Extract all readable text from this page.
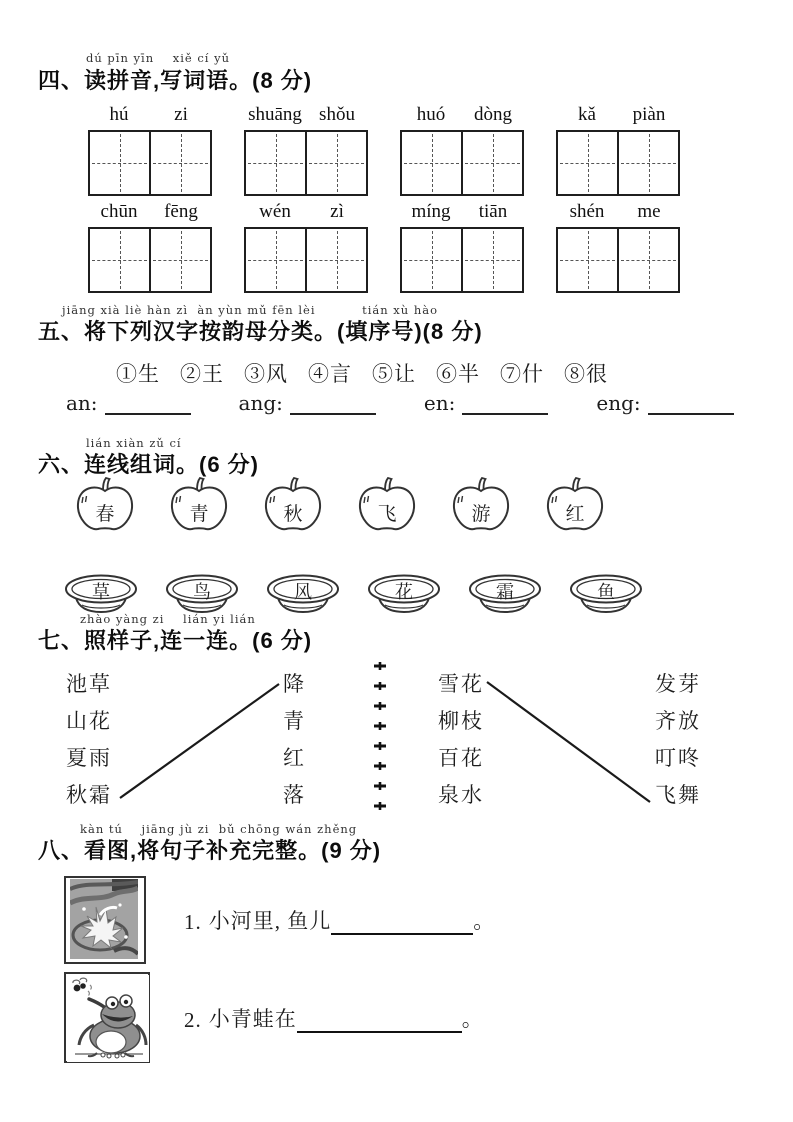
dú pīn yīn    xiě cí yǔ
四、读拼音,写词语。(8 分)
hú	zi	shuāng shǒu	huó	dòng	kǎ	piàn
chūn	fēng	wén	zì	míng	tiān	shén	me
jiāng xià liè hàn zì  àn yùn mǔ fēn lèi          tián xù hào
五、将下列汉字按韵母分类。(填序号)(8 分)
①生 ②王 ③风 ④言 ⑤让 ⑥半 ⑦什 ⑧很
an:	ang:	en:	eng:
lián xiàn zǔ cí
六、连线组词。(6 分)
春	青	秋	飞	游	红
草	鸟	风	花	霜	鱼
zhào yàng zi    lián yi lián
七、照样子,连一连。(6 分)
池草
山花
夏雨
秋霜
降
青
红
落
雪花
柳枝
百花
泉水
发芽
齐放
叮咚
飞舞
kàn tú    jiāng jù zi  bǔ chōng wán zhěng
八、看图,将句子补充完整。(9 分)
1. 小河里, 鱼儿	。
2. 小青蛙在	。
